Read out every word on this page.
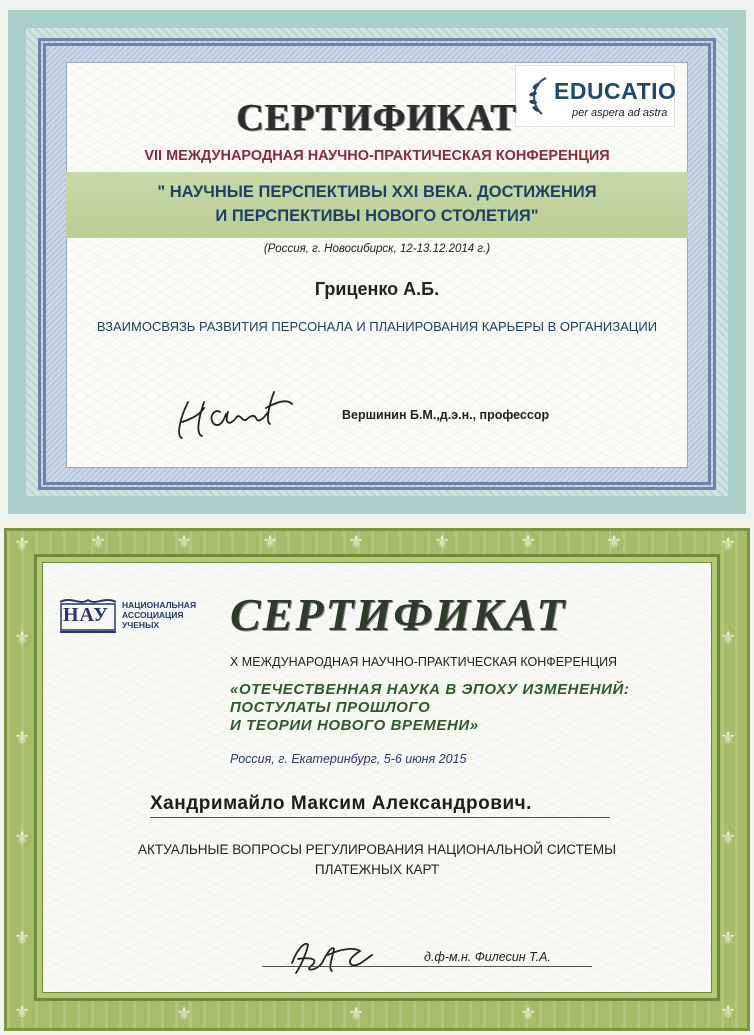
EDUCATIO
per aspera ad astra
СЕРТИФИКАТ
VII МЕЖДУНАРОДНАЯ НАУЧНО-ПРАКТИЧЕСКАЯ КОНФЕРЕНЦИЯ
" НАУЧНЫЕ ПЕРСПЕКТИВЫ XXI ВЕКА. ДОСТИЖЕНИЯ
И ПЕРСПЕКТИВЫ НОВОГО СТОЛЕТИЯ"
(Россия, г. Новосибирск, 12-13.12.2014 г.)
Гриценко А.Б.
ВЗАИМОСВЯЗЬ РАЗВИТИЯ ПЕРСОНАЛА И ПЛАНИРОВАНИЯ КАРЬЕРЫ В ОРГАНИЗАЦИИ
Вершинин Б.М.,д.э.н., профессор
⚜	⚜	⚜	⚜	⚜	⚜	⚜	⚜	⚜
⚜
⚜
⚜
⚜
⚜
⚜
⚜
⚜
⚜	⚜	⚜	⚜	⚜
НАУ НАЦИОНАЛЬНАЯ
АССОЦИАЦИЯ
УЧЕНЫХ	СЕРТИФИКАТ
X МЕЖДУНАРОДНАЯ НАУЧНО-ПРАКТИЧЕСКАЯ КОНФЕРЕНЦИЯ
«ОТЕЧЕСТВЕННАЯ НАУКА В ЭПОХУ ИЗМЕНЕНИЙ:
ПОСТУЛАТЫ ПРОШЛОГО
И ТЕОРИИ НОВОГО ВРЕМЕНИ»
Россия, г. Екатеринбург, 5-6 июня 2015
Хандримайло Максим Александрович.
АКТУАЛЬНЫЕ ВОПРОСЫ РЕГУЛИРОВАНИЯ НАЦИОНАЛЬНОЙ СИСТЕМЫ
ПЛАТЕЖНЫХ КАРТ
д.ф-м.н. Филесин Т.А.
